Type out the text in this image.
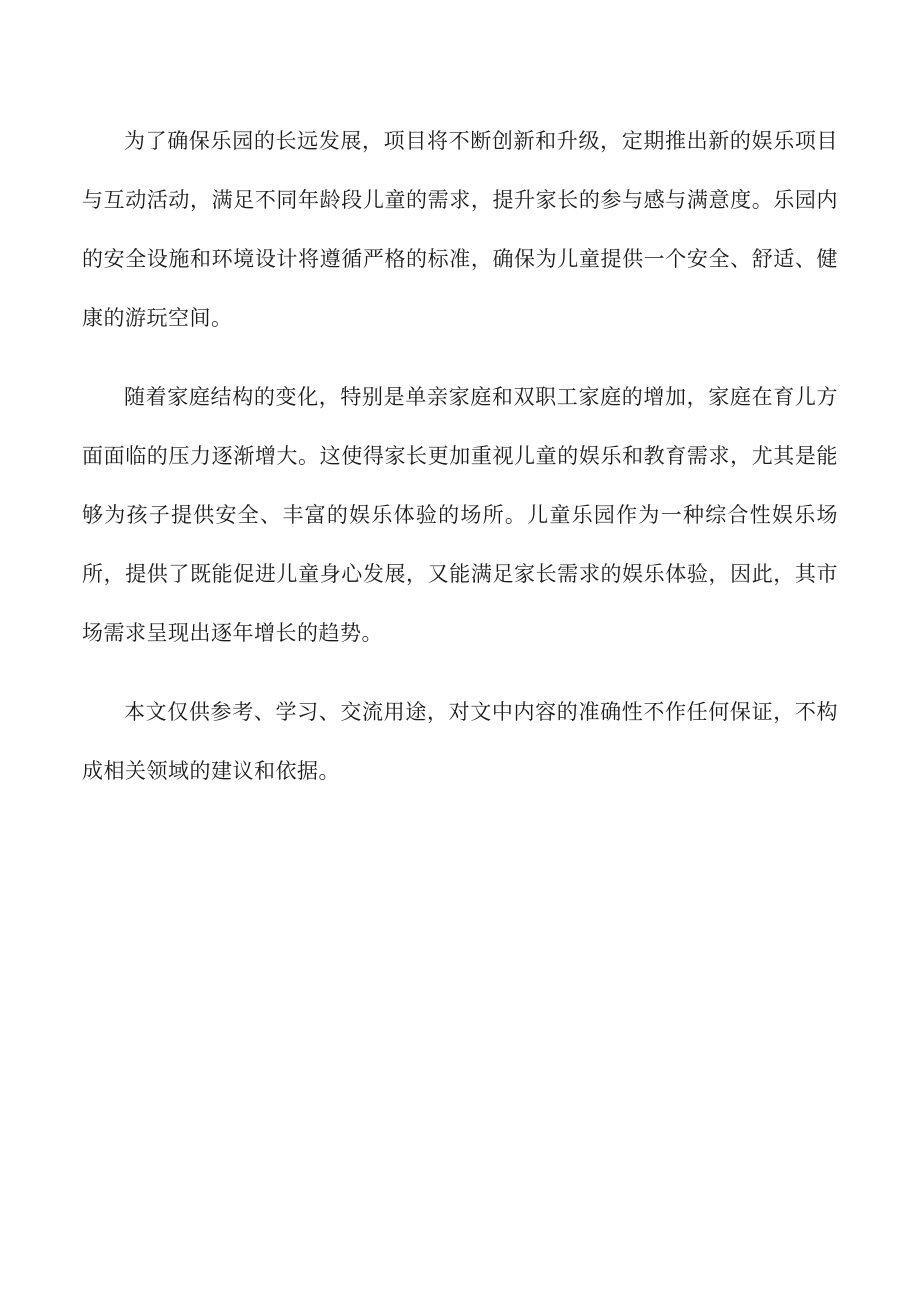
为了确保乐园的长远发展，项目将不断创新和升级，定期推出新的娱乐项目与互动活动，满足不同年龄段儿童的需求，提升家长的参与感与满意度。乐园内的安全设施和环境设计将遵循严格的标准，确保为儿童提供一个安全、舒适、健康的游玩空间。

随着家庭结构的变化，特别是单亲家庭和双职工家庭的增加，家庭在育儿方面面临的压力逐渐增大。这使得家长更加重视儿童的娱乐和教育需求，尤其是能够为孩子提供安全、丰富的娱乐体验的场所。儿童乐园作为一种综合性娱乐场所，提供了既能促进儿童身心发展，又能满足家长需求的娱乐体验，因此，其市场需求呈现出逐年增长的趋势。

本文仅供参考、学习、交流用途，对文中内容的准确性不作任何保证，不构成相关领域的建议和依据。
